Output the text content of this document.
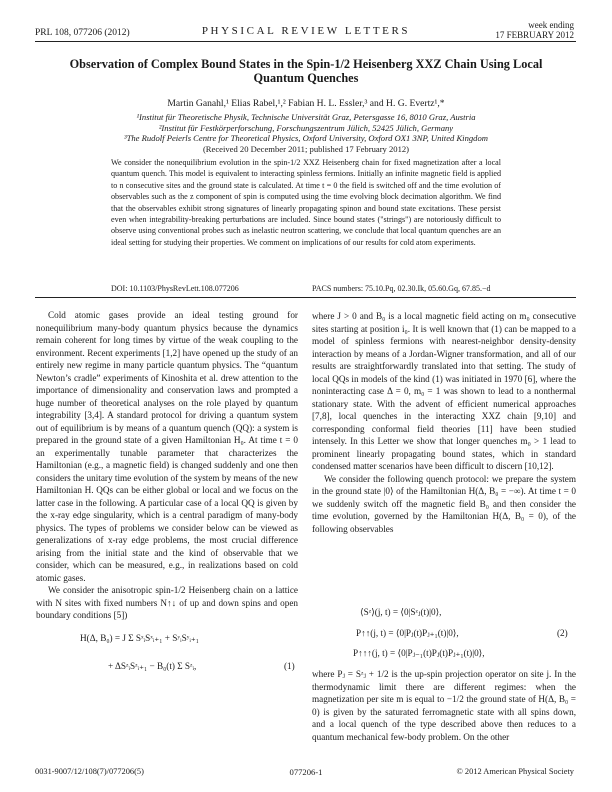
PRL 108, 077206 (2012)	PHYSICAL REVIEW LETTERS	week ending
17 FEBRUARY 2012
Observation of Complex Bound States in the Spin-1/2 Heisenberg XXZ Chain Using Local Quantum Quenches
Martin Ganahl,¹ Elias Rabel,¹,² Fabian H. L. Essler,³ and H. G. Evertz¹,*
¹Institut für Theoretische Physik, Technische Universität Graz, Petersgasse 16, 8010 Graz, Austria
²Institut für Festkörperforschung, Forschungszentrum Jülich, 52425 Jülich, Germany
³The Rudolf Peierls Centre for Theoretical Physics, Oxford University, Oxford OX1 3NP, United Kingdom
(Received 20 December 2011; published 17 February 2012)
We consider the nonequilibrium evolution in the spin-1/2 XXZ Heisenberg chain for fixed magnetization after a local quantum quench. This model is equivalent to interacting spinless fermions. Initially an infinite magnetic field is applied to n consecutive sites and the ground state is calculated. At time t = 0 the field is switched off and the time evolution of observables such as the z component of spin is computed using the time evolving block decimation algorithm. We find that the observables exhibit strong signatures of linearly propagating spinon and bound state excitations. These persist even when integrability-breaking perturbations are included. Since bound states ("strings") are notoriously difficult to observe using conventional probes such as inelastic neutron scattering, we conclude that local quantum quenches are an ideal setting for studying their properties. We comment on implications of our results for cold atom experiments.
DOI: 10.1103/PhysRevLett.108.077206	PACS numbers: 75.10.Pq, 02.30.Ik, 05.60.Gq, 67.85.−d

Cold atomic gases provide an ideal testing ground for nonequilibrium many-body quantum physics because the dynamics remain coherent for long times by virtue of the weak coupling to the environment. Recent experiments [1,2] have opened up the study of an entirely new regime in many particle quantum physics. The “quantum Newton’s cradle” experiments of Kinoshita et al. drew attention to the importance of dimensionality and conservation laws and prompted a huge number of theoretical analyses on the role played by quantum integrability [3,4]. A standard protocol for driving a quantum system out of equilibrium is by means of a quantum quench (QQ): a system is prepared in the ground state of a given Hamiltonian H₀. At time t = 0 an experimentally tunable parameter that characterizes the Hamiltonian (e.g., a magnetic field) is changed suddenly and one then considers the unitary time evolution of the system by means of the new Hamiltonian H. QQs can be either global or local and we focus on the latter case in the following. A particular case of a local QQ is given by the x-ray edge singularity, which is a central paradigm of many-body physics. The types of problems we consider below can be viewed as generalizations of x-ray edge problems, the most crucial difference arising from the initial state and the kind of observable that we consider, which can be measured, e.g., in realizations based on cold atomic gases.

We consider the anisotropic spin-1/2 Heisenberg chain on a lattice with N sites with fixed numbers N↑↓ of up and down spins and open boundary conditions [5])

H(Δ, B₀) = J Σ SˣᵢSˣᵢ₊₁ + SʸᵢSʸᵢ₊₁
+ ΔSᶻᵢSᶻᵢ₊₁ − B₀(t) Σ Sᶻᵢ,	(1)

where J > 0 and B₀ is a local magnetic field acting on m₀ consecutive sites starting at position i₀. It is well known that (1) can be mapped to a model of spinless fermions with nearest-neighbor density-density interaction by means of a Jordan-Wigner transformation, and all of our results are straightforwardly translated into that setting. The study of local QQs in models of the kind (1) was initiated in 1970 [6], where the noninteracting case Δ = 0, m₀ = 1 was shown to lead to a nonthermal stationary state. With the advent of efficient numerical approaches [7,8], local quenches in the interacting XXZ chain [9,10] and corresponding conformal field theories [11] have been studied intensely. In this Letter we show that longer quenches m₀ > 1 lead to prominent linearly propagating bound states, which in standard condensed matter scenarios have been difficult to discern [10,12].

We consider the following quench protocol: we prepare the system in the ground state |0⟩ of the Hamiltonian H(Δ, B₀ = −∞). At time t = 0 we suddenly switch off the magnetic field B₀ and then consider the time evolution, governed by the Hamiltonian H(Δ, B₀ = 0), of the following observables

⟨Sᶻ⟩(j, t) = ⟨0|Sᶻⱼ(t)|0⟩,
P↑↑(j, t) = ⟨0|Pⱼ(t)Pⱼ₊₁(t)|0⟩,
P↑↑↑(j, t) = ⟨0|Pⱼ₋₁(t)Pⱼ(t)Pⱼ₊₁(t)|0⟩,
(2)

where Pⱼ = Sᶻⱼ + 1/2 is the up-spin projection operator on site j. In the thermodynamic limit there are different regimes: when the magnetization per site m is equal to −1/2 the ground state of H(Δ, B₀ = 0) is given by the saturated ferromagnetic state with all spins down, and a local quench of the type described above then reduces to a quantum mechanical few-body problem. On the other

0031-9007/12/108(7)/077206(5)	077206-1	© 2012 American Physical Society
